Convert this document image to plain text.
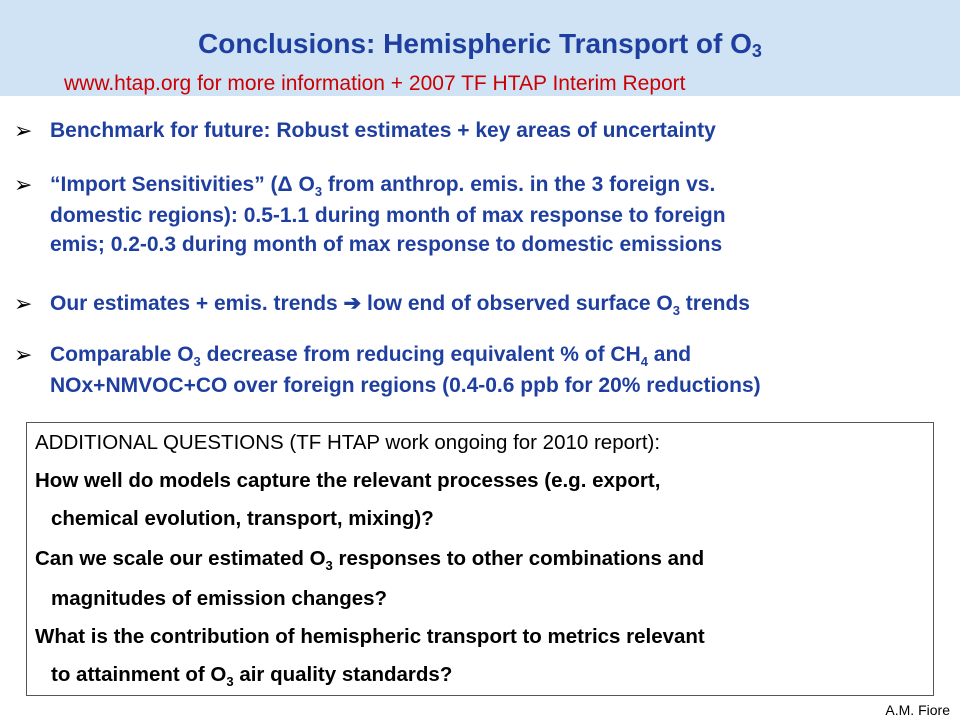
Conclusions: Hemispheric Transport of $O_3$
www.htap.org for more information + 2007 TF HTAP Interim Report
➢ Benchmark for future: Robust estimates + key areas of uncertainty
➢ “Import Sensitivities” (Δ $O_3$ from anthrop. emis. in the 3 foreign vs.
domestic regions): 0.5-1.1 during month of max response to foreign
emis; 0.2-0.3 during month of max response to domestic emissions
➢ Our estimates + emis. trends ➔ low end of observed surface $O_3$ trends
➢ Comparable $O_3$ decrease from reducing equivalent % of $CH_4$ and
NOx+NMVOC+CO over foreign regions (0.4-0.6 ppb for 20% reductions)
ADDITIONAL QUESTIONS (TF HTAP work ongoing for 2010 report):
How well do models capture the relevant processes (e.g. export,
chemical evolution, transport, mixing)?
Can we scale our estimated $O_3$ responses to other combinations and
magnitudes of emission changes?
What is the contribution of hemispheric transport to metrics relevant
to attainment of $O_3$ air quality standards?
A.M. Fiore
